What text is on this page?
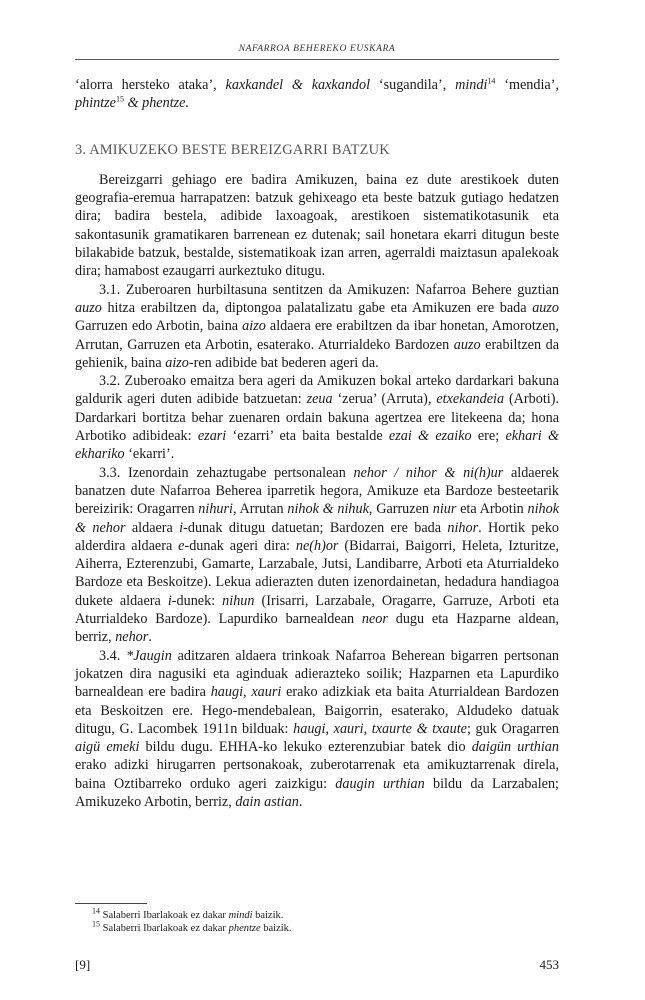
NAFARROA BEHEREKO EUSKARA

‘alorra hersteko ataka’, kaxkandel & kaxkandol ‘sugandila’, mindi$^{14}$ ‘mendia’, phintze$^{15}$ & phentze.

3. AMIKUZEKO BESTE BEREIZGARRI BATZUK

Bereizgarri gehiago ere badira Amikuzen, baina ez dute arestikoek duten geografia-eremua harrapatzen: batzuk gehixeago eta beste batzuk gutiago hedatzen dira; badira bestela, adibide laxoagoak, arestikoen sistematikotasunik eta sakontasunik gramatikaren barrenean ez dutenak; sail honetara ekarri ditugun beste bilakabide batzuk, bestalde, sistematikoak izan arren, agerraldi maiztasun apalekoak dira; hamabost ezaugarri aurkeztuko ditugu.

3.1. Zuberoaren hurbiltasuna sentitzen da Amikuzen: Nafarroa Behere guztian auzo hitza erabiltzen da, diptongoa palatalizatu gabe eta Amikuzen ere bada auzo Garruzen edo Arbotin, baina aizo aldaera ere erabiltzen da ibar honetan, Amorotzen, Arrutan, Garruzen eta Arbotin, esaterako. Aturrialdeko Bardozen auzo erabiltzen da gehienik, baina aizo-ren adibide bat bederen ageri da.

3.2. Zuberoako emaitza bera ageri da Amikuzen bokal arteko dardarkari bakuna galdurik ageri duten adibide batzuetan: zeua ‘zerua’ (Arruta), etxekandeia (Arboti). Dardarkari bortitza behar zuenaren ordain bakuna agertzea ere litekeena da; hona Arbotiko adibideak: ezari ‘ezarri’ eta baita bestalde ezai & ezaiko ere; ekhari & ekhariko ‘ekarri’.

3.3. Izenordain zehaztugabe pertsonalean nehor / nihor & ni(h)ur aldaerek banatzen dute Nafarroa Beherea iparretik hegora, Amikuze eta Bardoze besteetarik bereizirik: Oragarren nihuri, Arrutan nihok & nihuk, Garruzen niur eta Arbotin nihok & nehor aldaera i-dunak ditugu datuetan; Bardozen ere bada nihor. Hortik peko alderdira aldaera e-dunak ageri dira: ne(h)or (Bidarrai, Baigorri, Heleta, Izturitze, Aiherra, Ezterenzubi, Gamarte, Larzabale, Jutsi, Landibarre, Arboti eta Aturrialdeko Bardoze eta Beskoitze). Lekua adierazten duten izenordainetan, hedadura handiagoa dukete aldaera i-dunek: nihun (Irisarri, Larzabale, Oragarre, Garruze, Arboti eta Aturrialdeko Bardoze). Lapurdiko barnealdean neor dugu eta Hazparne aldean, berriz, nehor.

3.4. *Jaugin aditzaren aldaera trinkoak Nafarroa Beherean bigarren pertsonan jokatzen dira nagusiki eta aginduak adierazteko soilik; Hazparnen eta Lapurdiko barnealdean ere badira haugi, xauri erako adizkiak eta baita Aturrialdean Bardozen eta Beskoitzen ere. Hego-mendebalean, Baigorrin, esaterako, Aldudeko datuak ditugu, G. Lacombek 1911n bilduak: haugi, xauri, txaurte & txaute; guk Oragarren aigü emeki bildu dugu. EHHA-ko lekuko ezterenzubiar batek dio daigün urthian erako adizki hirugarren pertsonakoak, zuberotarrenak eta amikuztarrenak direla, baina Oztibarreko orduko ageri zaizkigu: daugin urthian bildu da Larzabalen; Amikuzeko Arbotin, berriz, dain astian.

$^{14}$ Salaberri Ibarlakoak ez dakar mindi baizik.

$^{15}$ Salaberri Ibarlakoak ez dakar phentze baizik.

[9]	453
